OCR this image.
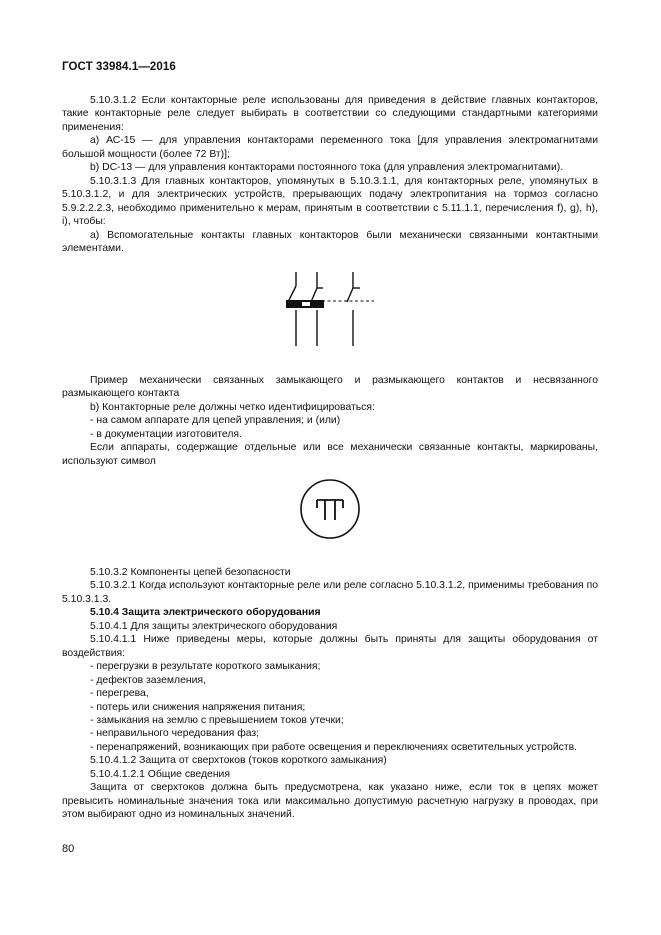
ГОСТ 33984.1—2016

5.10.3.1.2 Если контакторные реле использованы для приведения в действие главных контакторов, такие контакторные реле следует выбирать в соответствии со следующими стандартными категориями применения:

a) АС-15 — для управления контакторами переменного тока [для управления электромагнитами большой мощности (более 72 Вт)];

b) DC-13 — для управления контакторами постоянного тока (для управления электромагнитами).

5.10.3.1.3 Для главных контакторов, упомянутых в 5.10.3.1.1, для контакторных реле, упомянутых в 5.10.3.1.2, и для электрических устройств, прерывающих подачу электропитания на тормоз согласно 5.9.2.2.2.3, необходимо применительно к мерам, принятым в соответствии с 5.11.1.1, перечисления f), g), h), i), чтобы:

a) Вспомогательные контакты главных контакторов были механически связанными контактными элементами.

Пример механически связанных замыкающего и размыкающего контактов и несвязанного размыкающего контакта

b) Контакторные реле должны четко идентифицироваться:

- на самом аппарате для цепей управления; и (или)

- в документации изготовителя.

Если аппараты, содержащие отдельные или все механически связанные контакты, маркированы, используют символ

5.10.3.2 Компоненты цепей безопасности

5.10.3.2.1 Когда используют контакторные реле или реле согласно 5.10.3.1.2, применимы требования по 5.10.3.1.3.

5.10.4 Защита электрического оборудования

5.10.4.1 Для защиты электрического оборудования

5.10.4.1.1 Ниже приведены меры, которые должны быть приняты для защиты оборудования от воздействия:

- перегрузки в результате короткого замыкания;

- дефектов заземления,

- перегрева,

- потерь или снижения напряжения питания;

- замыкания на землю с превышением токов утечки;

- неправильного чередования фаз;

- перенапряжений, возникающих при работе освещения и переключениях осветительных устройств.

5.10.4.1.2 Защита от сверхтоков (токов короткого замыкания)

5.10.4.1.2.1 Общие сведения

Защита от сверхтоков должна быть предусмотрена, как указано ниже, если ток в цепях может превысить номинальные значения тока или максимально допустимую расчетную нагрузку в проводах, при этом выбирают одно из номинальных значений.

80
